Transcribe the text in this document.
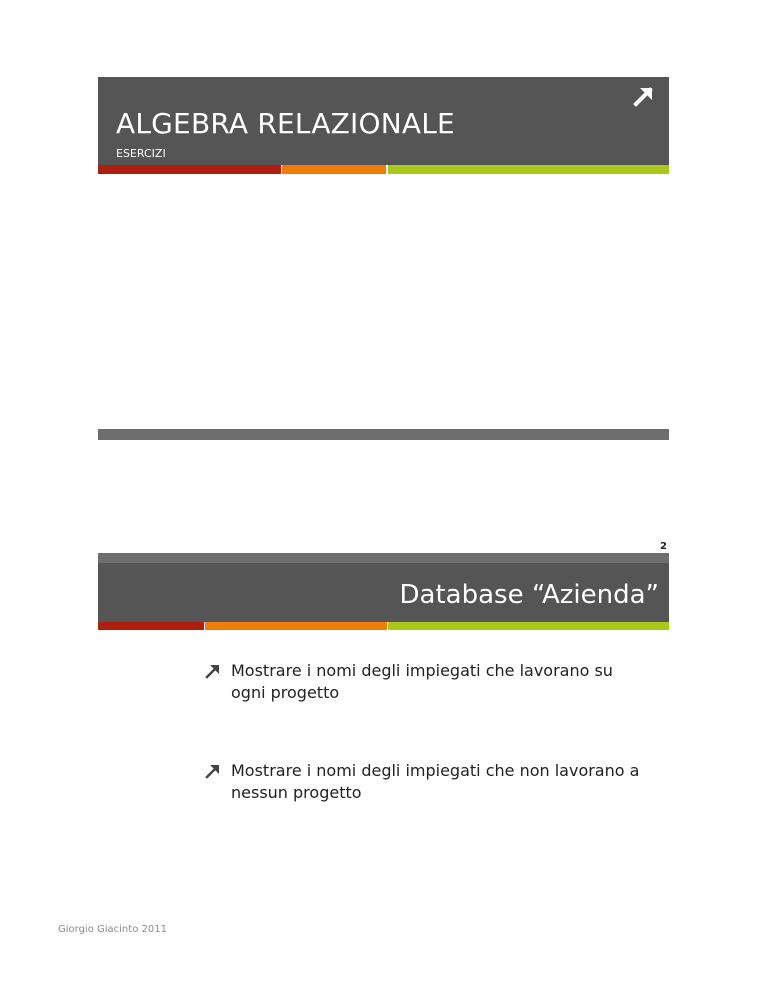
ALGEBRA RELAZIONALE
ESERCIZI
2
Database “Azienda”
Mostrare i nomi degli impiegati che lavorano su ogni progetto
Mostrare i nomi degli impiegati che non lavorano a nessun progetto
Giorgio Giacinto 2011
